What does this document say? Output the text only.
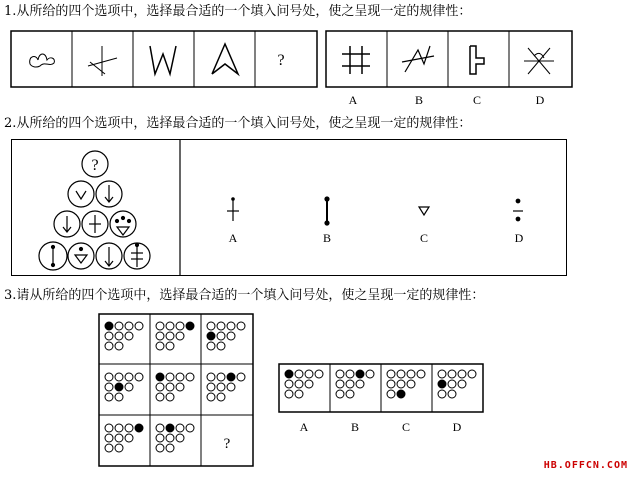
1.从所给的四个选项中，选择最合适的一个填入问号处，使之呈现一定的规律性：
?
A	B	C	D
2.从所给的四个选项中，选择最合适的一个填入问号处，使之呈现一定的规律性：
?
A	B	C	D
3.请从所给的四个选项中，选择最合适的一个填入问号处，使之呈现一定的规律性：
?
A	B	C	D
HB.OFFCN.COM
